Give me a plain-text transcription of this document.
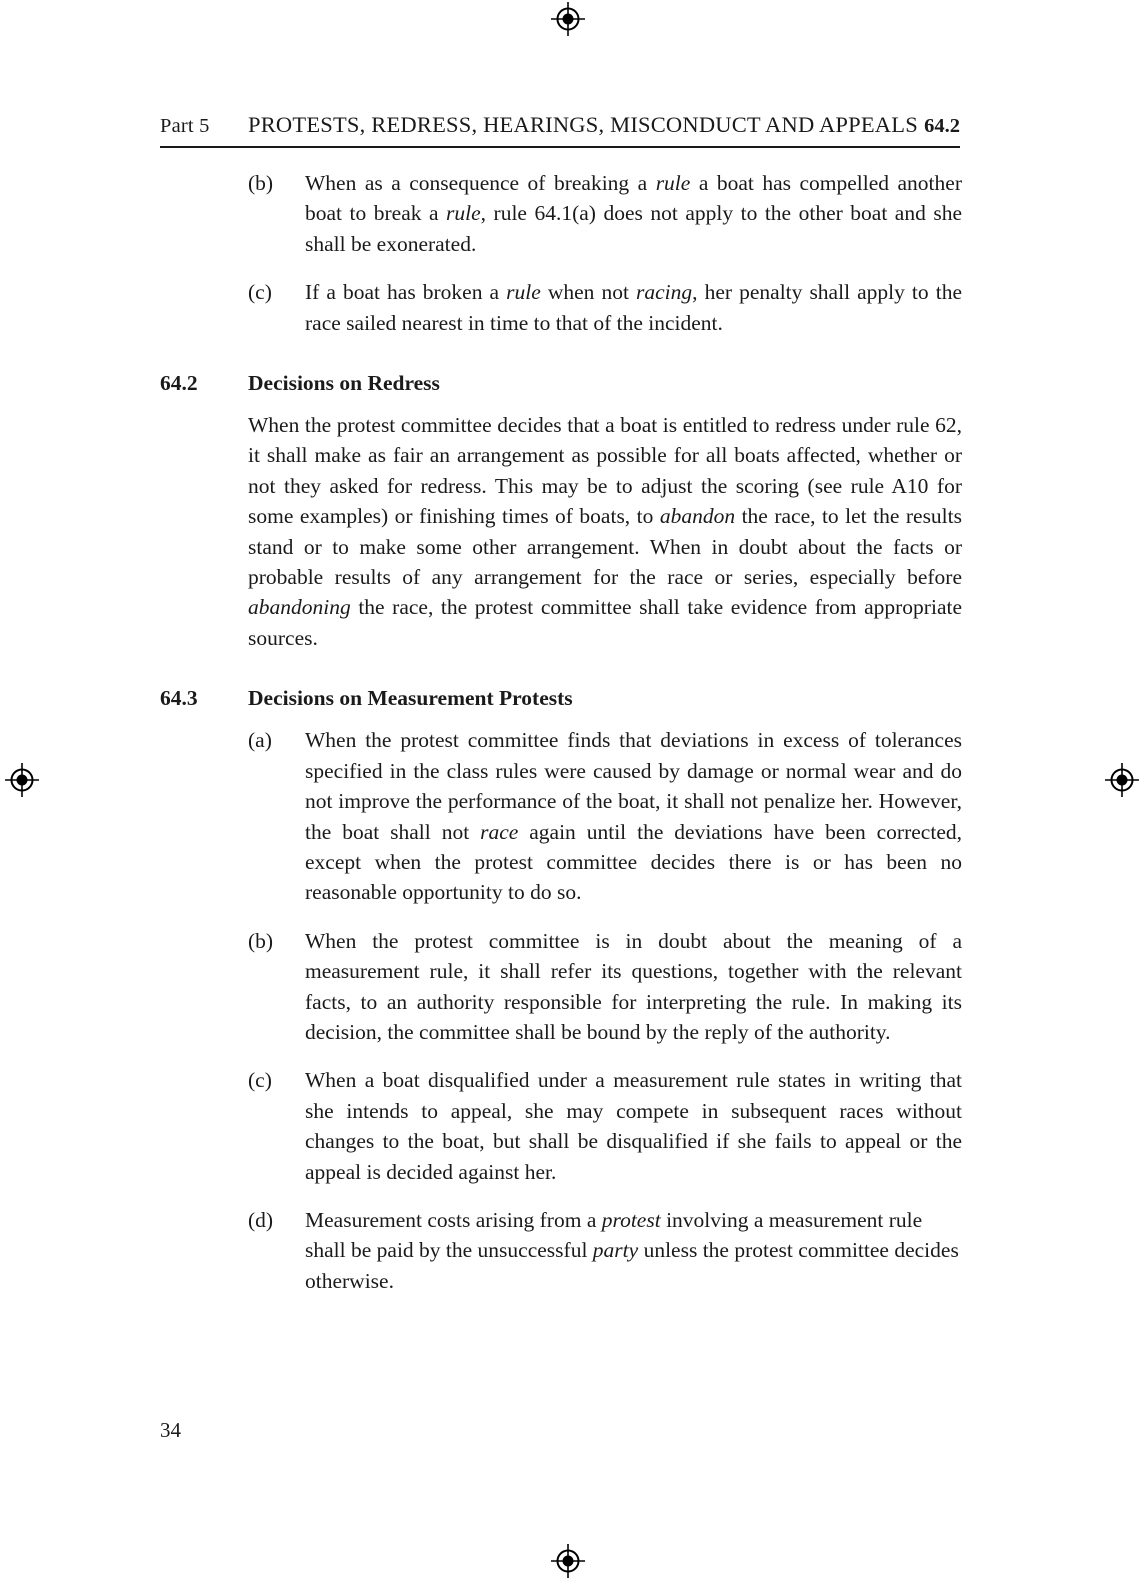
Part 5	PROTESTS, REDRESS, HEARINGS, MISCONDUCT AND APPEALS 64.2
(b)	When as a consequence of breaking a rule a boat has compelled another boat to break a rule, rule 64.1(a) does not apply to the other boat and she shall be exonerated.
(c)	If a boat has broken a rule when not racing, her penalty shall apply to the race sailed nearest in time to that of the incident.
64.2	Decisions on Redress
When the protest committee decides that a boat is entitled to redress under rule 62, it shall make as fair an arrangement as possible for all boats affected, whether or not they asked for redress. This may be to adjust the scoring (see rule A10 for some examples) or finishing times of boats, to abandon the race, to let the results stand or to make some other arrangement. When in doubt about the facts or probable results of any arrangement for the race or series, especially before abandoning the race, the protest committee shall take evidence from appropriate sources.
64.3	Decisions on Measurement Protests
(a)	When the protest committee finds that deviations in excess of tolerances specified in the class rules were caused by damage or normal wear and do not improve the performance of the boat, it shall not penalize her. However, the boat shall not race again until the deviations have been corrected, except when the protest committee decides there is or has been no reasonable opportunity to do so.
(b)	When the protest committee is in doubt about the meaning of a measurement rule, it shall refer its questions, together with the relevant facts, to an authority responsible for interpreting the rule. In making its decision, the committee shall be bound by the reply of the authority.
(c)	When a boat disqualified under a measurement rule states in writing that she intends to appeal, she may compete in subsequent races without changes to the boat, but shall be disqualified if she fails to appeal or the appeal is decided against her.
(d)	Measurement costs arising from a protest involving a measurement rule shall be paid by the unsuccessful party unless the protest committee decides otherwise.
34
